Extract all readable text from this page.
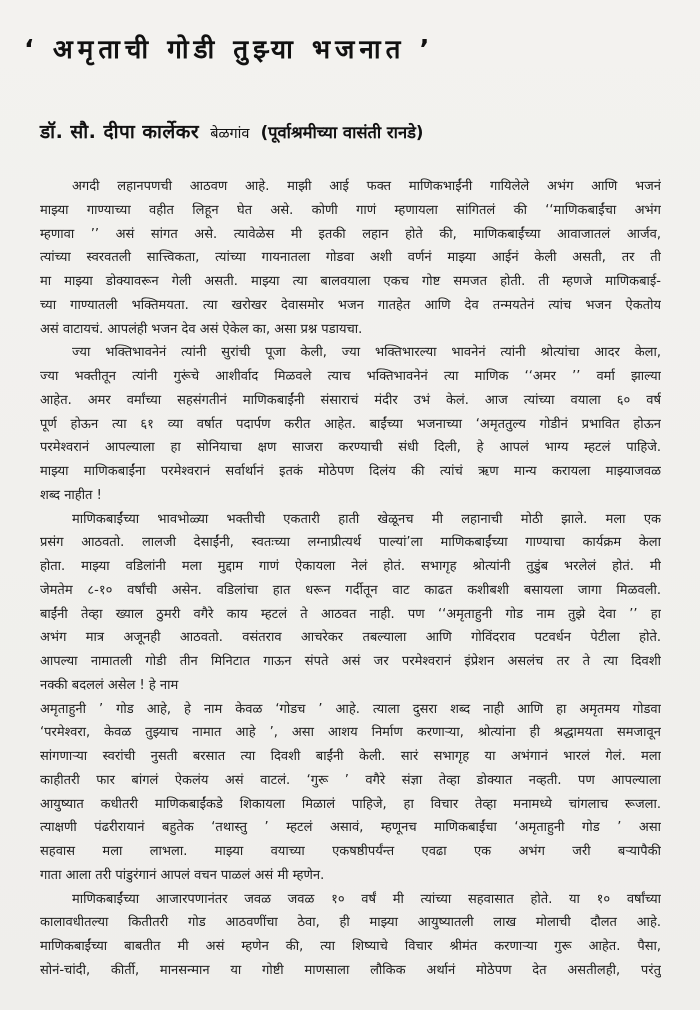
‘ अमृताची गोडी तुझ्या भजनात ’
डॉ. सौ. दीपा कार्लेकर बेळगांव (पूर्वाश्रमीच्या वासंती रानडे)
अगदी लहानपणची आठवण आहे. माझी आई फक्त माणिकभाईंनी गायिलेले अभंग आणि भजनं
माझ्या गाण्याच्या वहीत लिहून घेत असे. कोणी गाणं म्हणायला सांगितलं की ‘‘माणिकबाईंचा अभंग
म्हणावा ’’ असं सांगत असे. त्यावेळेस मी इतकी लहान होते की, माणिकबाईंच्या आवाजातलं आर्जव,
त्यांच्या स्वरवतली सात्त्विकता, त्यांच्या गायनातला गोडवा अशी वर्णनं माझ्या आईनं केली असती, तर ती
मा माझ्या डोक्यावरून गेली असती. माझ्या त्या बालवयाला एकच गोष्ट समजत होती. ती म्हणजे माणिकबाई-
च्या गाण्यातली भक्तिमयता. त्या खरोखर देवासमोर भजन गातहेत आणि देव तन्मयतेनं त्यांच भजन ऐकतोय
असं वाटायचं. आपलंही भजन देव असं ऐकेल का, असा प्रश्न पडायचा.
ज्या भक्तिभावनेनं त्यांनी सुरांची पूजा केली, ज्या भक्तिभारल्या भावनेनं त्यांनी श्रोत्यांचा आदर केला,
ज्या भक्तीतून त्यांनी गुरूंचे आशीर्वाद मिळवले त्याच भक्तिभावनेनं त्या माणिक ‘‘अमर ’’ वर्मा झाल्या
आहेत. अमर वर्मांच्या सहसंगतीनं माणिकबाईंनी संसाराचं मंदीर उभं केलं. आज त्यांच्या वयाला ६० वर्ष
पूर्ण होऊन त्या ६१ व्या वर्षात पदार्पण करीत आहेत. बाईंच्या भजनाच्या ‘अमृततुल्य गोडीनं प्रभावित होऊन
परमेश्वरानं आपल्याला हा सोनियाचा क्षण साजरा करण्याची संधी दिली, हे आपलं भाग्य म्हटलं पाहिजे.
माझ्या माणिकबाईंना परमेश्वरानं सर्वार्थानं इतकं मोठेपण दिलंय की त्यांचं ऋण मान्य करायला माझ्याजवळ
शब्द नाहीत !
माणिकबाईंच्या भावभोळ्या भक्तीची एकतारी हाती खेळूनच मी लहानाची मोठी झाले. मला एक
प्रसंग आठवतो. लालजी देसाईंनी, स्वतःच्या लग्नाप्रीत्यर्थ पाल्यां’ला माणिकबाईंच्या गाण्याचा कार्यक्रम केला
होता. माझ्या वडिलांनी मला मुद्दाम गाणं ऐकायला नेलं होतं. सभागृह श्रोत्यांनी तुडुंब भरलेलं होतं. मी
जेमतेम ८-१० वर्षांची असेन. वडिलांचा हात धरून गर्दीतून वाट काढत कशीबशी बसायला जागा मिळवली.
बाईंनी तेव्हा ख्याल ठुमरी वगैरे काय म्हटलं ते आठवत नाही. पण ‘‘अमृताहुनी गोड नाम तुझे देवा ’’ हा
अभंग मात्र अजूनही आठवतो. वसंतराव आचरेकर तबल्याला आणि गोविंदराव पटवर्धन पेटीला होते.
आपल्या नामातली गोडी तीन मिनिटात गाऊन संपते असं जर परमेश्वरानं इंप्रेशन असलंच तर ते त्या दिवशी
नक्की बदललं असेल ! हे नाम
अमृताहुनी ’ गोड आहे, हे नाम केवळ ‘गोडच ’ आहे. त्याला दुसरा शब्द नाही आणि हा अमृतमय गोडवा
‘परमेश्वरा, केवळ तुझ्याच नामात आहे ’, असा आशय निर्माण करणाऱ्या, श्रोत्यांना ही श्रद्धामयता समजावून
सांगणाऱ्या स्वरांची नुसती बरसात त्या दिवशी बाईंनी केली. सारं सभागृह या अभंगानं भारलं गेलं. मला
काहीतरी फार बांगलं ऐकलंय असं वाटलं. ‘गुरू ’ वगैरे संज्ञा तेव्हा डोक्यात नव्हती. पण आपल्याला
आयुष्यात कधीतरी माणिकबाईंकडे शिकायला मिळालं पाहिजे, हा विचार तेव्हा मनामध्ये चांगलाच रूजला.
त्याक्षणी पंढरीरायानं बहुतेक ‘तथास्तु ’ म्हटलं असावं, म्हणूनच माणिकबाईंचा ‘अमृताहुनी गोड ’ असा
सहवास मला लाभला. माझ्या वयाच्या एकषष्ठीपर्यंन्त एवढा एक अभंग जरी बऱ्यापैकी
गाता आला तरी पांडुरंगानं आपलं वचन पाळलं असं मी म्हणेन.
माणिकबाईंच्या आजारपणानंतर जवळ जवळ १० वर्षं मी त्यांच्या सहवासात होते. या १० वर्षांच्या
कालावधीतल्या कितीतरी गोड आठवणींचा ठेवा, ही माझ्या आयुष्यातली लाख मोलाची दौलत आहे.
माणिकबाईंच्या बाबतीत मी असं म्हणेन की, त्या शिष्याचे विचार श्रीमंत करणाऱ्या गुरू आहेत. पैसा,
सोनं-चांदी, कीर्ती, मानसन्मान या गोष्टी माणसाला लौकिक अर्थानं मोठेपण देत असतीलही, परंतु
